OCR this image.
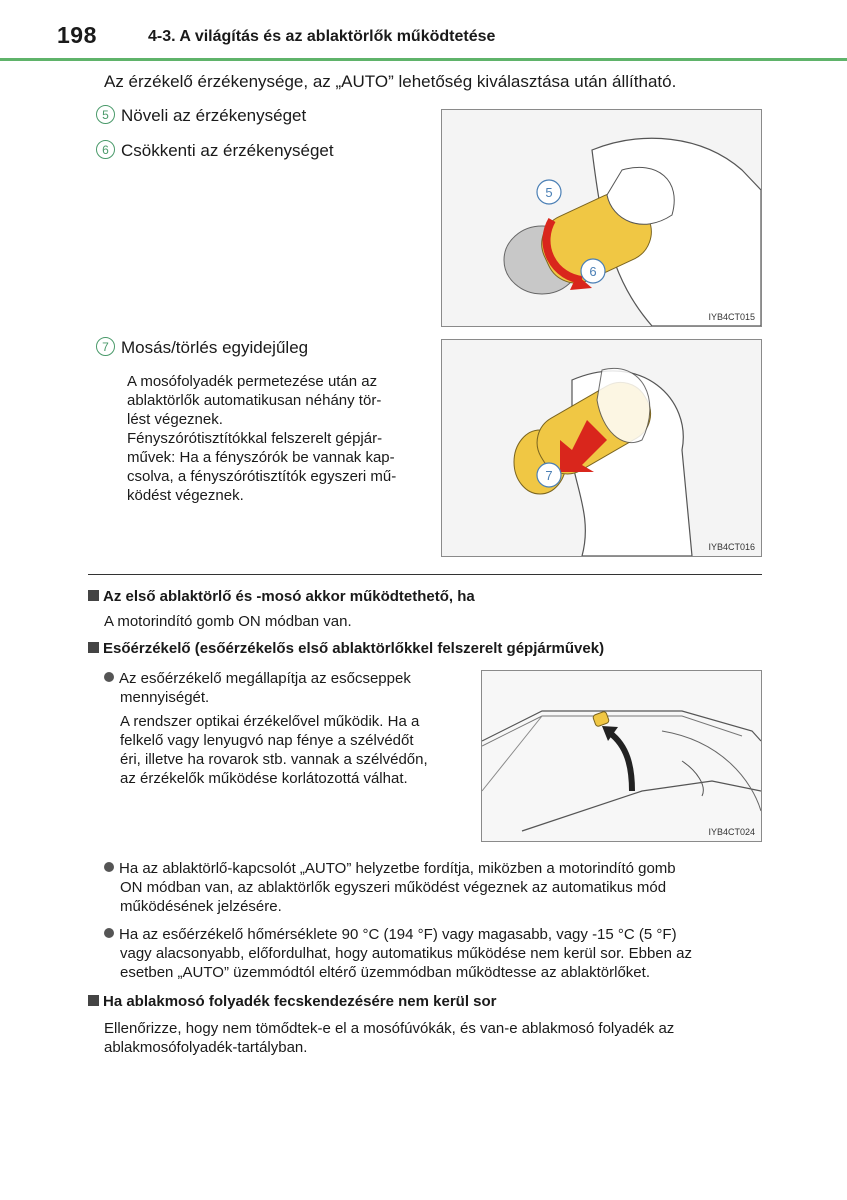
198	4-3. A világítás és az ablaktörlők működtetése
Az érzékelő érzékenysége, az „AUTO” lehetőség kiválasztása után állítható.
5 Növeli az érzékenységet
6 Csökkenti az érzékenységet
5
6
IYB4CT015
7 Mosás/törlés egyidejűleg
A mosófolyadék permetezése után az
ablaktörlők automatikusan néhány tör-
lést végeznek.
Fényszórótisztítókkal felszerelt gépjár-
művek: Ha a fényszórók be vannak kap-
csolva, a fényszórótisztítók egyszeri mű-
ködést végeznek.
7
IYB4CT016
Az első ablaktörlő és -mosó akkor működtethető, ha
A motorindító gomb ON módban van.
Esőérzékelő (esőérzékelős első ablaktörlőkkel felszerelt gépjárművek)
Az esőérzékelő megállapítja az esőcseppek
mennyiségét.
A rendszer optikai érzékelővel működik. Ha a
felkelő vagy lenyugvó nap fénye a szélvédőt
éri, illetve ha rovarok stb. vannak a szélvédőn,
az érzékelők működése korlátozottá válhat.
IYB4CT024
Ha az ablaktörlő-kapcsolót „AUTO” helyzetbe fordítja, miközben a motorindító gomb
ON módban van, az ablaktörlők egyszeri működést végeznek az automatikus mód
működésének jelzésére.
Ha az esőérzékelő hőmérséklete 90 °C (194 °F) vagy magasabb, vagy -15 °C (5 °F)
vagy alacsonyabb, előfordulhat, hogy automatikus működése nem kerül sor. Ebben az
esetben „AUTO” üzemmódtól eltérő üzemmódban működtesse az ablaktörlőket.
Ha ablakmosó folyadék fecskendezésére nem kerül sor
Ellenőrizze, hogy nem tömődtek-e el a mosófúvókák, és van-e ablakmosó folyadék az
ablakmosófolyadék-tartályban.
